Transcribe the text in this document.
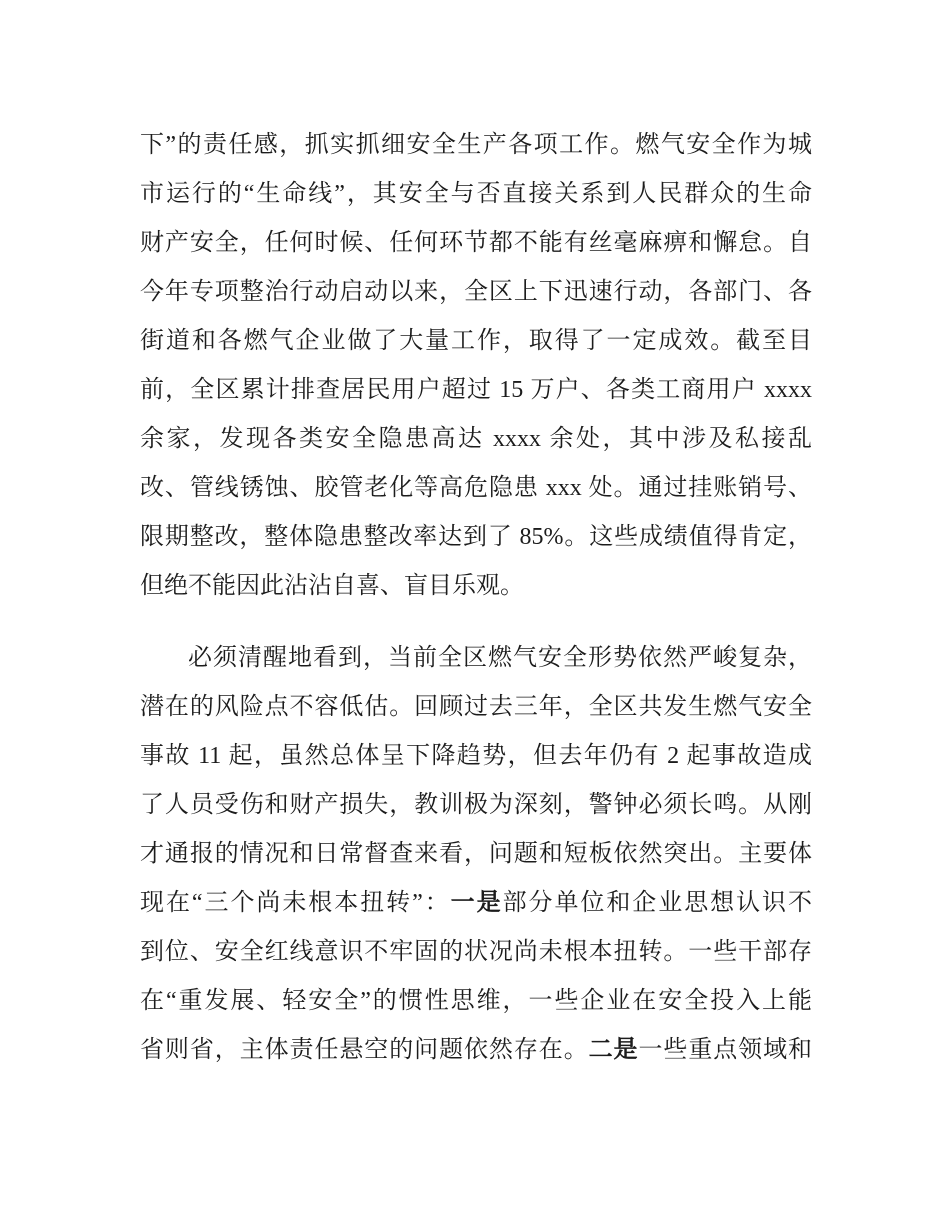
下”的责任感，抓实抓细安全生产各项工作。燃气安全作为城
市运行的“生命线”，其安全与否直接关系到人民群众的生命
财产安全，任何时候、任何环节都不能有丝毫麻痹和懈怠。自
今年专项整治行动启动以来，全区上下迅速行动，各部门、各
街道和各燃气企业做了大量工作，取得了一定成效。截至目
前，全区累计排查居民用户超过 15 万户、各类工商用户 xxxx
余家，发现各类安全隐患高达 xxxx 余处，其中涉及私接乱
改、管线锈蚀、胶管老化等高危隐患 xxx 处。通过挂账销号、
限期整改，整体隐患整改率达到了 85%。这些成绩值得肯定，
但绝不能因此沾沾自喜、盲目乐观。
必须清醒地看到，当前全区燃气安全形势依然严峻复杂，
潜在的风险点不容低估。回顾过去三年，全区共发生燃气安全
事故 11 起，虽然总体呈下降趋势，但去年仍有 2 起事故造成
了人员受伤和财产损失，教训极为深刻，警钟必须长鸣。从刚
才通报的情况和日常督查来看，问题和短板依然突出。主要体
现在“三个尚未根本扭转”：一是部分单位和企业思想认识不
到位、安全红线意识不牢固的状况尚未根本扭转。一些干部存
在“重发展、轻安全”的惯性思维，一些企业在安全投入上能
省则省，主体责任悬空的问题依然存在。二是一些重点领域和
